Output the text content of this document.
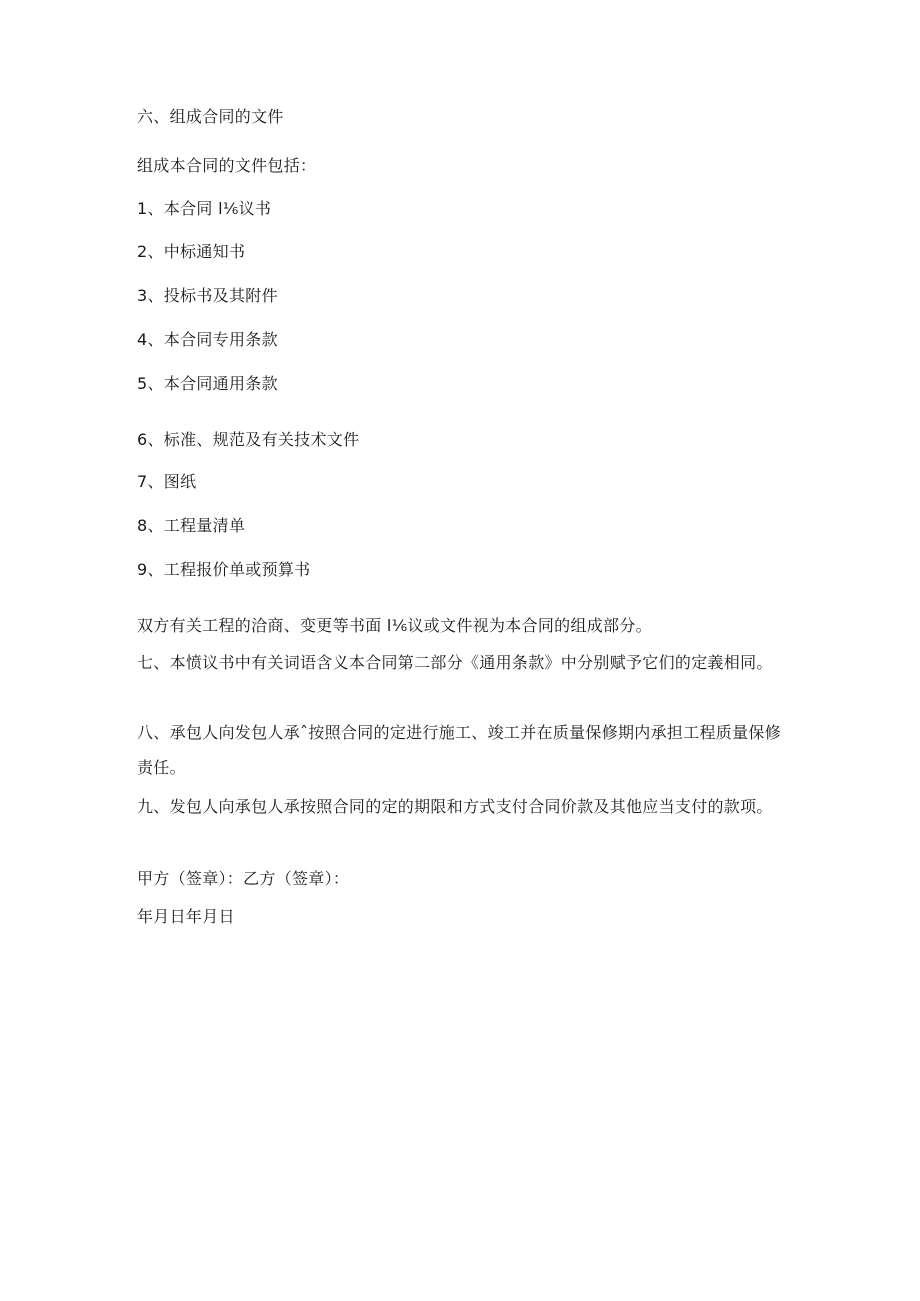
六、组成合同的文件
组成本合同的文件包括：
1、本合同 l⅙议书
2、中标通知书
3、投标书及其附件
4、本合同专用条款
5、本合同通用条款
6、标准、规范及有关技术文件
7、图纸
8、工程量清单
9、工程报价单或预算书
双方有关工程的洽商、变更等书面 l⅙议或文件视为本合同的组成部分。
七、本愤议书中有关词语含义本合同第二部分《通用条款》中分别赋予它们的定義相同。
八、承包人向发包人承ˆ按照合同的定进行施工、竣工并在质量保修期内承担工程质量保修责任。
九、发包人向承包人承按照合同的定的期限和方式支付合同价款及其他应当支付的款项。
甲方（签章）：乙方（签章）：
年月日年月日
